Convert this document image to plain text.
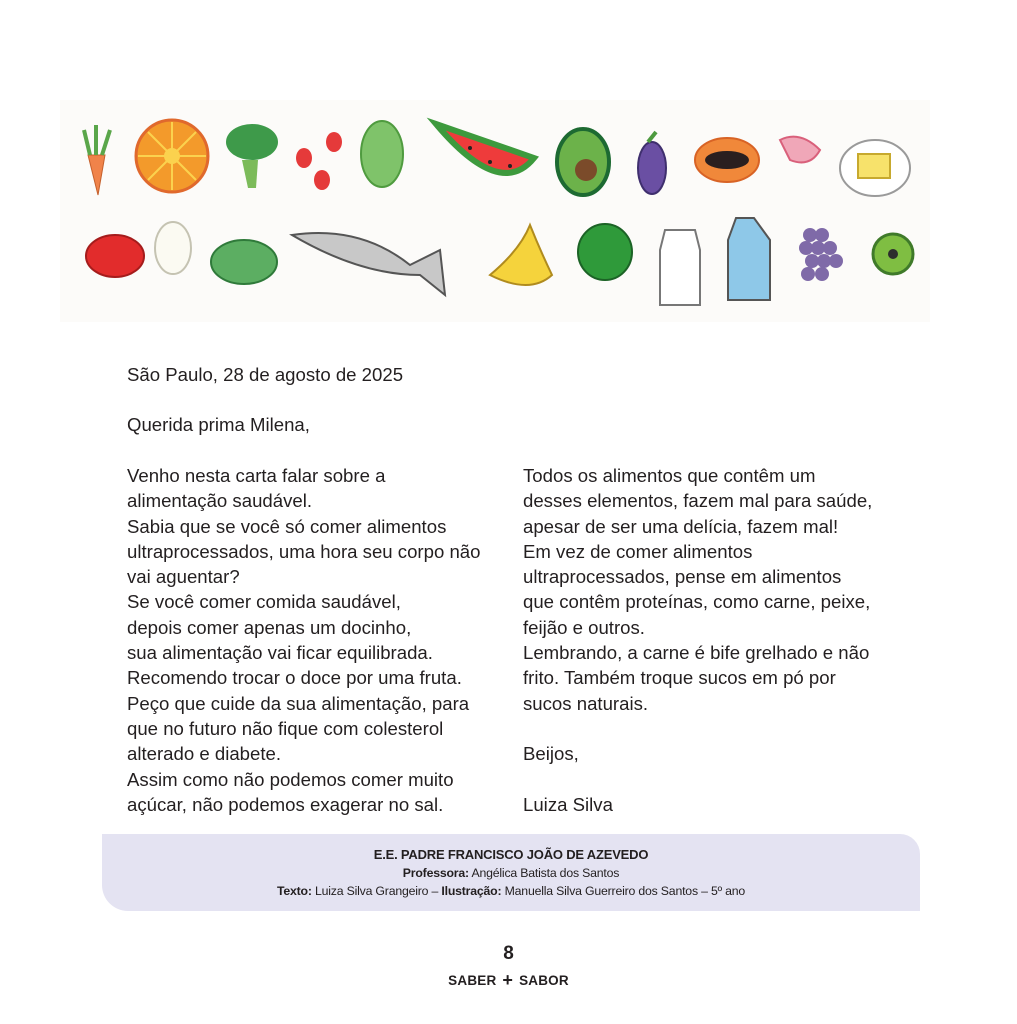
São Paulo, 28 de agosto de 2025

Querida prima Milena,

Venho nesta carta falar sobre a
alimentação saudável.
Sabia que se você só comer alimentos
ultraprocessados, uma hora seu corpo não
vai aguentar?
Se você comer comida saudável,
depois comer apenas um docinho,
sua alimentação vai ficar equilibrada.
Recomendo trocar o doce por uma fruta.
Peço que cuide da sua alimentação, para
que no futuro não fique com colesterol
alterado e diabete.
Assim como não podemos comer muito
açúcar, não podemos exagerar no sal.
Todos os alimentos que contêm um
desses elementos, fazem mal para saúde,
apesar de ser uma delícia, fazem mal!
Em vez de comer alimentos
ultraprocessados, pense em alimentos
que contêm proteínas, como carne, peixe,
feijão e outros.
Lembrando, a carne é bife grelhado e não
frito. Também troque sucos em pó por
sucos naturais.
Beijos,
Luiza Silva
E.E. PADRE FRANCISCO JOÃO DE AZEVEDO
Professora: Angélica Batista dos Santos
Texto: Luiza Silva Grangeiro – Ilustração: Manuella Silva Guerreiro dos Santos – 5º ano
8
SABER + SABOR
